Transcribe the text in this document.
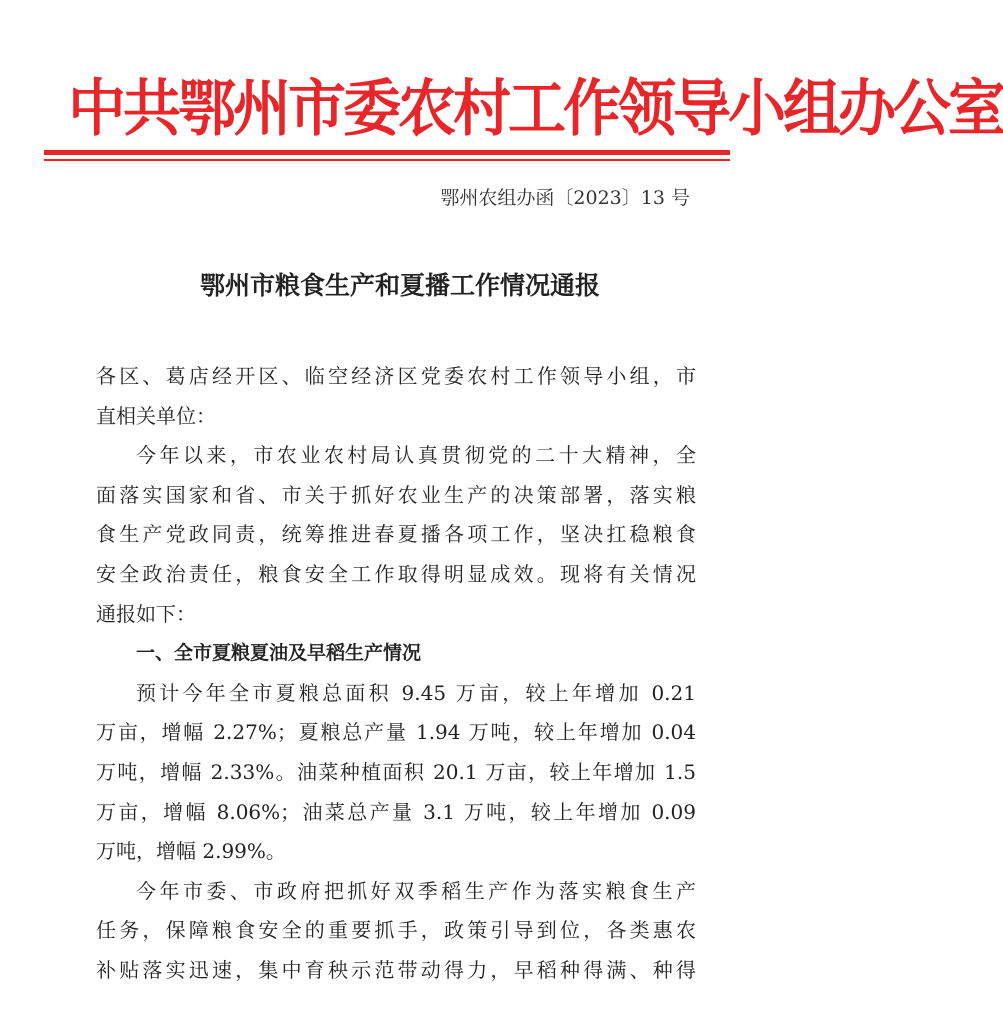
中共鄂州市委农村工作领导小组办公室
鄂州农组办函〔2023〕13 号
鄂州市粮食生产和夏播工作情况通报
各区、葛店经开区、临空经济区党委农村工作领导小组，市
直相关单位：
今年以来，市农业农村局认真贯彻党的二十大精神，全
面落实国家和省、市关于抓好农业生产的决策部署，落实粮
食生产党政同责，统筹推进春夏播各项工作，坚决扛稳粮食
安全政治责任，粮食安全工作取得明显成效。现将有关情况
通报如下：
一、全市夏粮夏油及早稻生产情况
预计今年全市夏粮总面积 9.45 万亩，较上年增加 0.21
万亩，增幅 2.27%；夏粮总产量 1.94 万吨，较上年增加 0.04
万吨，增幅 2.33%。油菜种植面积 20.1 万亩，较上年增加 1.5
万亩，增幅 8.06%；油菜总产量 3.1 万吨，较上年增加 0.09
万吨，增幅 2.99%。
今年市委、市政府把抓好双季稻生产作为落实粮食生产
任务，保障粮食安全的重要抓手，政策引导到位，各类惠农
补贴落实迅速，集中育秧示范带动得力，早稻种得满、种得
